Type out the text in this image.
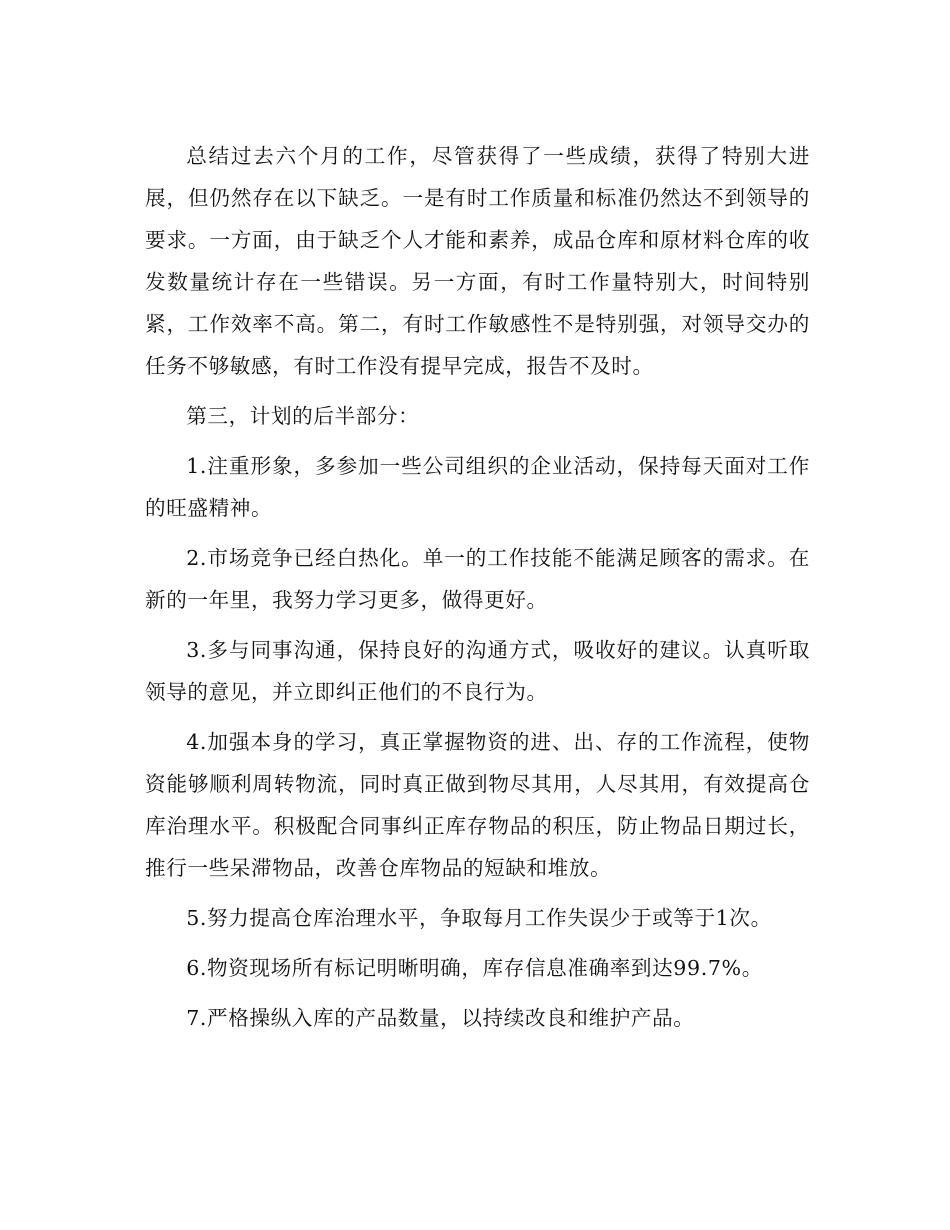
总结过去六个月的工作，尽管获得了一些成绩，获得了特别大进展，但仍然存在以下缺乏。一是有时工作质量和标准仍然达不到领导的要求。一方面，由于缺乏个人才能和素养，成品仓库和原材料仓库的收发数量统计存在一些错误。另一方面，有时工作量特别大，时间特别紧，工作效率不高。第二，有时工作敏感性不是特别强，对领导交办的任务不够敏感，有时工作没有提早完成，报告不及时。

第三，计划的后半部分：

1.注重形象，多参加一些公司组织的企业活动，保持每天面对工作的旺盛精神。

2.市场竞争已经白热化。单一的工作技能不能满足顾客的需求。在新的一年里，我努力学习更多，做得更好。

3.多与同事沟通，保持良好的沟通方式，吸收好的建议。认真听取领导的意见，并立即纠正他们的不良行为。

4.加强本身的学习，真正掌握物资的进、出、存的工作流程，使物资能够顺利周转物流，同时真正做到物尽其用，人尽其用，有效提高仓库治理水平。积极配合同事纠正库存物品的积压，防止物品日期过长，推行一些呆滞物品，改善仓库物品的短缺和堆放。

5.努力提高仓库治理水平，争取每月工作失误少于或等于1次。

6.物资现场所有标记明晰明确，库存信息准确率到达99.7%。

7.严格操纵入库的产品数量，以持续改良和维护产品。
